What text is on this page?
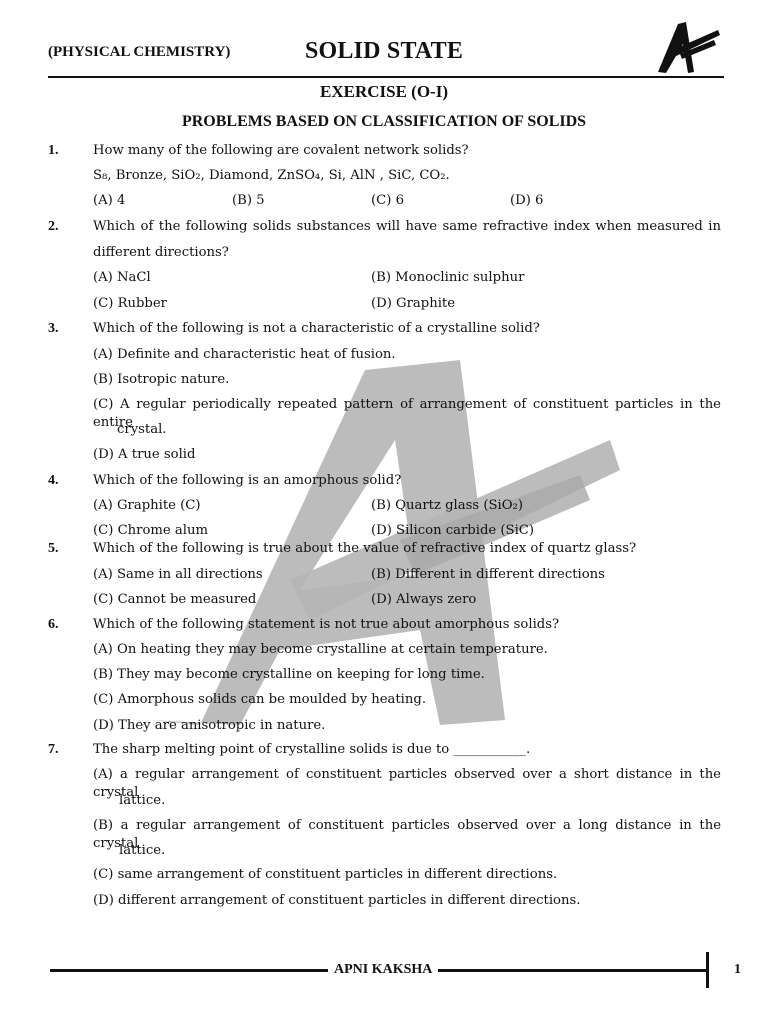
(PHYSICAL CHEMISTRY)	SOLID STATE
EXERCISE (O-I)
PROBLEMS BASED ON CLASSIFICATION OF SOLIDS
1.	How many of the following are covalent network solids?
S₈, Bronze, SiO₂, Diamond, ZnSO₄, Si, AlN , SiC, CO₂.
(A) 4	(B) 5	(C) 6	(D) 6
2.	Which of the following solids substances will have same refractive index when measured in
different directions?
(A) NaCl	(B) Monoclinic sulphur
(C) Rubber	(D) Graphite
3.	Which of the following is not a characteristic of a crystalline solid?
(A) Definite and characteristic heat of fusion.
(B) Isotropic nature.
(C) A regular periodically repeated pattern of arrangement of constituent particles in the entire
crystal.
(D) A true solid
4.	Which of the following is an amorphous solid?
(A) Graphite (C)	(B) Quartz glass (SiO₂)
(C) Chrome alum	(D) Silicon carbide (SiC)
5.	Which of the following is true about the value of refractive index of quartz glass?
(A) Same in all directions	(B) Different in different directions
(C) Cannot be measured	(D) Always zero
6.	Which of the following statement is not true about amorphous solids?
(A) On heating they may become crystalline at certain temperature.
(B) They may become crystalline on keeping for long time.
(C) Amorphous solids can be moulded by heating.
(D) They are anisotropic in nature.
7.	The sharp melting point of crystalline solids is due to ___________.
(A) a regular arrangement of constituent particles observed over a short distance in the crystal
lattice.
(B) a regular arrangement of constituent particles observed over a long distance in the crystal
lattice.
(C) same arrangement of constituent particles in different directions.
(D) different arrangement of constituent particles in different directions.
APNI KAKSHA	1
